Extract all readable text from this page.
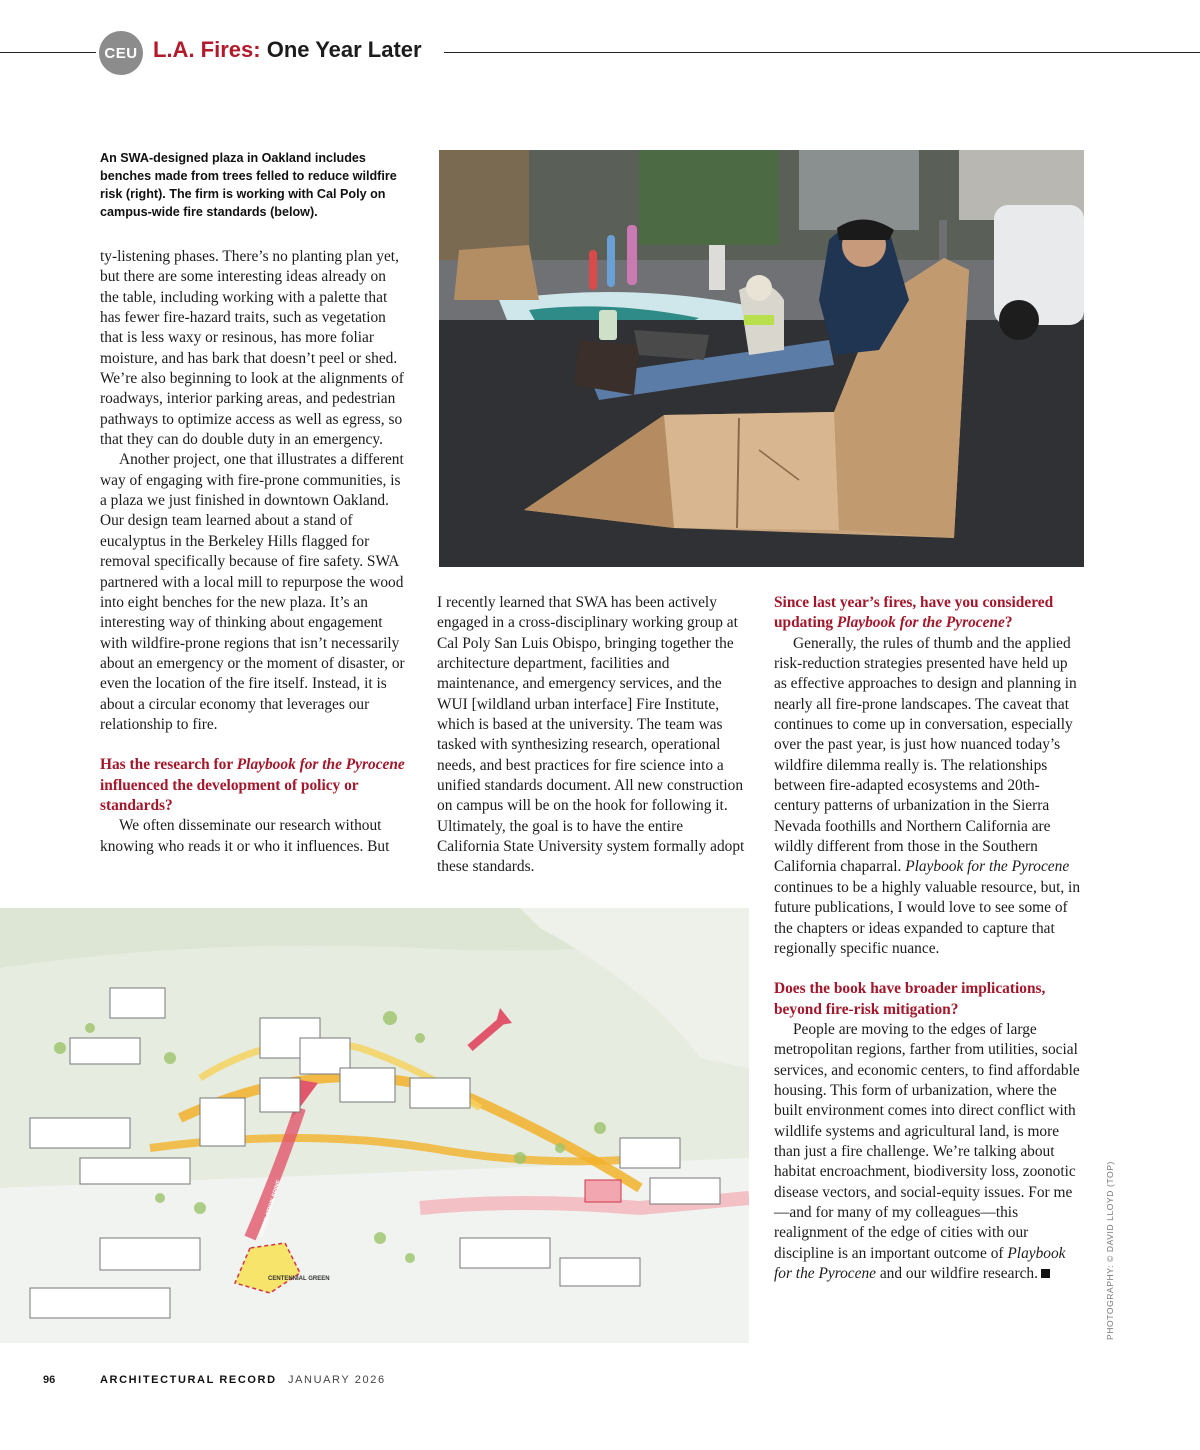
CEU L.A. Fires: One Year Later
An SWA-designed plaza in Oakland includes benches made from trees felled to reduce wildfire risk (right). The firm is working with Cal Poly on campus-wide fire standards (below).

ty-listening phases. There’s no planting plan yet, but there are some interesting ideas already on the table, including working with a palette that has fewer fire-hazard traits, such as vegetation that is less waxy or resinous, has more foliar moisture, and has bark that doesn’t peel or shed. We’re also beginning to look at the alignments of roadways, interior parking areas, and pedestrian pathways to optimize access as well as egress, so that they can do double duty in an emergency.

Another project, one that illustrates a different way of engaging with fire-prone communities, is a plaza we just finished in downtown Oakland. Our design team learned about a stand of eucalyptus in the Berkeley Hills flagged for removal specifically because of fire safety. SWA partnered with a local mill to repurpose the wood into eight benches for the new plaza. It’s an interesting way of thinking about engagement with wildfire-prone regions that isn’t necessarily about an emergency or the moment of disaster, or even the location of the fire itself. Instead, it is about a circular economy that leverages our relationship to fire.

Has the research for Playbook for the Pyrocene influenced the development of policy or standards?

We often disseminate our research without knowing who reads it or who it influences. But

I recently learned that SWA has been actively engaged in a cross-disciplinary working group at Cal Poly San Luis Obispo, bringing together the architecture department, facilities and maintenance, and emergency services, and the WUI [wildland urban interface] Fire Institute, which is based at the university. The team was tasked with synthesizing research, operational needs, and best practices for fire science into a unified standards document. All new construction on campus will be on the hook for following it. Ultimately, the goal is to have the entire California State University system formally adopt these standards.

Since last year’s fires, have you considered updating Playbook for the Pyrocene?

Generally, the rules of thumb and the applied risk-reduction strategies presented have held up as effective approaches to design and planning in nearly all fire-prone landscapes. The caveat that continues to come up in conversation, especially over the past year, is just how nuanced today’s wildfire dilemma really is. The relationships between fire-adapted ecosystems and 20th-century patterns of urbanization in the Sierra Nevada foothills and Northern California are wildly different from those in the Southern California chaparral. Playbook for the Pyrocene continues to be a highly valuable resource, but, in future publications, I would love to see some of the chapters or ideas expanded to capture that regionally specific nuance.

Does the book have broader implications, beyond fire-risk mitigation?

People are moving to the edges of large metropolitan regions, farther from utilities, social services, and economic centers, to find affordable housing. This form of urbanization, where the built environment comes into direct conflict with wildlife systems and agricultural land, is more than just a fire challenge. We’re talking about habitat encroachment, biodiversity loss, zoonotic disease vectors, and social-equity issues. For me—and for many of my colleagues—this realignment of the edge of cities with our discipline is an important outcome of Playbook for the Pyrocene and our wildfire research.

CENTENNIAL GREEN
CIRCULATION SPINE	PHOTOGRAPHY: © DAVID LLOYD (TOP)
96	ARCHITECTURAL RECORD JANUARY 2026
